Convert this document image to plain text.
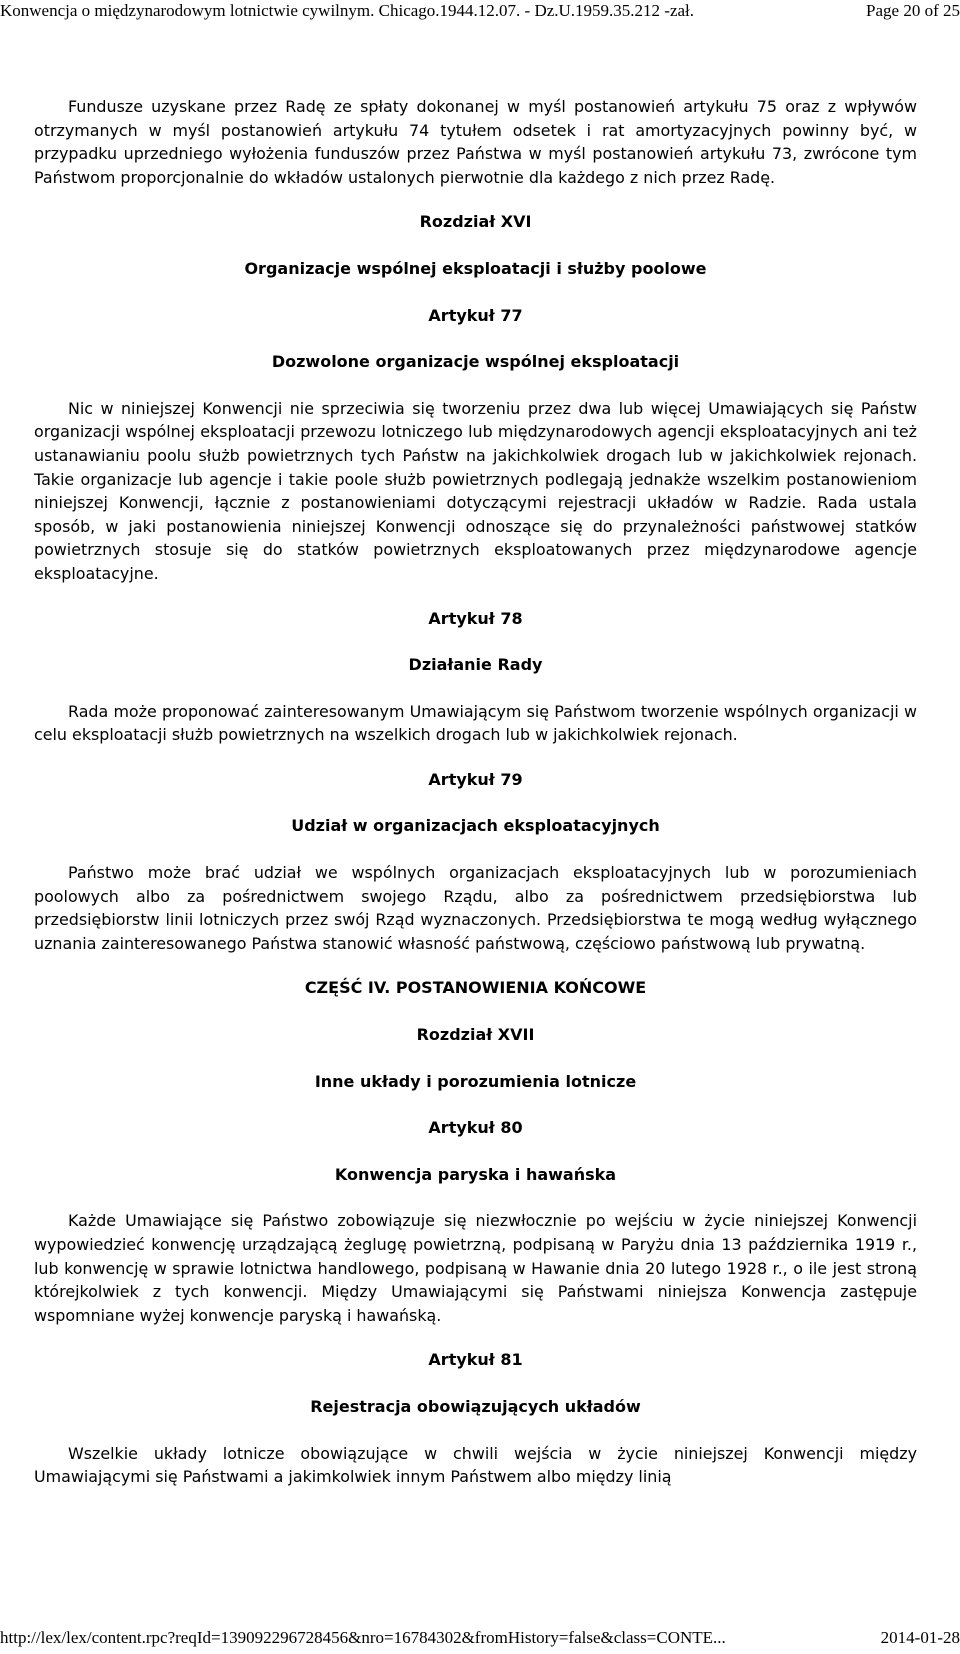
Konwencja o międzynarodowym lotnictwie cywilnym. Chicago.1944.12.07. - Dz.U.1959.35.212 -zał.	Page 20 of 25

Fundusze uzyskane przez Radę ze spłaty dokonanej w myśl postanowień artykułu 75 oraz z wpływów otrzymanych w myśl postanowień artykułu 74 tytułem odsetek i rat amortyzacyjnych powinny być, w przypadku uprzedniego wyłożenia funduszów przez Państwa w myśl postanowień artykułu 73, zwrócone tym Państwom proporcjonalnie do wkładów ustalonych pierwotnie dla każdego z nich przez Radę.

Rozdział XVI
Organizacje wspólnej eksploatacji i służby poolowe
Artykuł 77
Dozwolone organizacje wspólnej eksploatacji

Nic w niniejszej Konwencji nie sprzeciwia się tworzeniu przez dwa lub więcej Umawiających się Państw organizacji wspólnej eksploatacji przewozu lotniczego lub międzynarodowych agencji eksploatacyjnych ani też ustanawianiu poolu służb powietrznych tych Państw na jakichkolwiek drogach lub w jakichkolwiek rejonach. Takie organizacje lub agencje i takie poole służb powietrznych podlegają jednakże wszelkim postanowieniom niniejszej Konwencji, łącznie z postanowieniami dotyczącymi rejestracji układów w Radzie. Rada ustala sposób, w jaki postanowienia niniejszej Konwencji odnoszące się do przynależności państwowej statków powietrznych stosuje się do statków powietrznych eksploatowanych przez międzynarodowe agencje eksploatacyjne.

Artykuł 78
Działanie Rady

Rada może proponować zainteresowanym Umawiającym się Państwom tworzenie wspólnych organizacji w celu eksploatacji służb powietrznych na wszelkich drogach lub w jakichkolwiek rejonach.

Artykuł 79
Udział w organizacjach eksploatacyjnych

Państwo może brać udział we wspólnych organizacjach eksploatacyjnych lub w porozumieniach poolowych albo za pośrednictwem swojego Rządu, albo za pośrednictwem przedsiębiorstwa lub przedsiębiorstw linii lotniczych przez swój Rząd wyznaczonych. Przedsiębiorstwa te mogą według wyłącznego uznania zainteresowanego Państwa stanowić własność państwową, częściowo państwową lub prywatną.

CZĘŚĆ IV. POSTANOWIENIA KOŃCOWE
Rozdział XVII
Inne układy i porozumienia lotnicze
Artykuł 80
Konwencja paryska i hawańska

Każde Umawiające się Państwo zobowiązuje się niezwłocznie po wejściu w życie niniejszej Konwencji wypowiedzieć konwencję urządzającą żeglugę powietrzną, podpisaną w Paryżu dnia 13 października 1919 r., lub konwencję w sprawie lotnictwa handlowego, podpisaną w Hawanie dnia 20 lutego 1928 r., o ile jest stroną którejkolwiek z tych konwencji. Między Umawiającymi się Państwami niniejsza Konwencja zastępuje wspomniane wyżej konwencje paryską i hawańską.

Artykuł 81
Rejestracja obowiązujących układów

Wszelkie układy lotnicze obowiązujące w chwili wejścia w życie niniejszej Konwencji między Umawiającymi się Państwami a jakimkolwiek innym Państwem albo między linią

http://lex/lex/content.rpc?reqId=139092296728456&nro=16784302&fromHistory=false&class=CONTE...	2014-01-28
